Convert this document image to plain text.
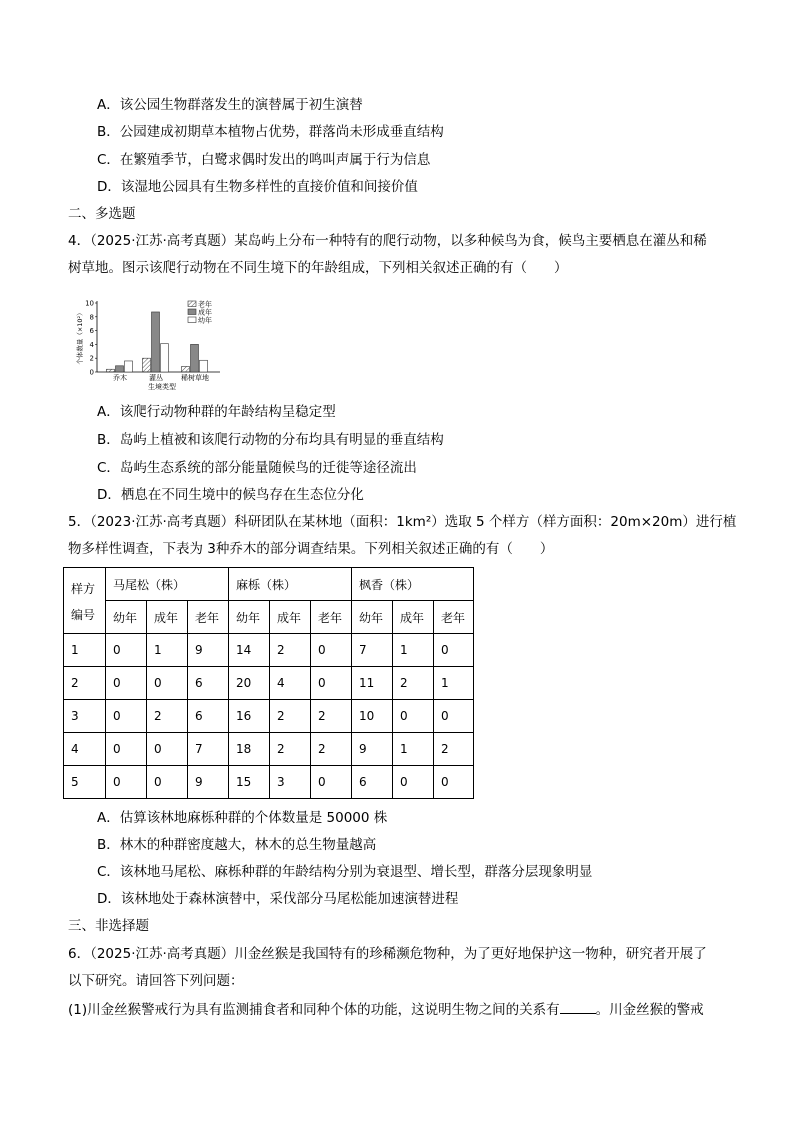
A．该公园生物群落发生的演替属于初生演替
B．公园建成初期草本植物占优势，群落尚未形成垂直结构
C．在繁殖季节，白鹭求偶时发出的鸣叫声属于行为信息
D．该湿地公园具有生物多样性的直接价值和间接价值
二、多选题
4．（2025·江苏·高考真题）某岛屿上分布一种特有的爬行动物，以多种候鸟为食，候鸟主要栖息在灌丛和稀
树草地。图示该爬行动物在不同生境下的年龄组成，下列相关叙述正确的有（　　）
0
2
4
6
8
10
个体数量（×10²）
乔木	灌丛	稀树草地
生境类型
老年
成年
幼年
A．该爬行动物种群的年龄结构呈稳定型
B．岛屿上植被和该爬行动物的分布均具有明显的垂直结构
C．岛屿生态系统的部分能量随候鸟的迁徙等途径流出
D．栖息在不同生境中的候鸟存在生态位分化
5．（2023·江苏·高考真题）科研团队在某林地（面积：1km²）选取 5 个样方（样方面积：20m×20m）进行植
物多样性调查，下表为 3种乔木的部分调查结果。下列相关叙述正确的有（　　）
样方
编号	马尾松（株）			麻栎（株）			枫香（株）		
	幼年	成年	老年	幼年	成年	老年	幼年	成年	老年
1	0	1	9	14	2	0	7	1	0
2	0	0	6	20	4	0	11	2	1
3	0	2	6	16	2	2	10	0	0
4	0	0	7	18	2	2	9	1	2
5	0	0	9	15	3	0	6	0	0
A．估算该林地麻栎种群的个体数量是 50000 株
B．林木的种群密度越大，林木的总生物量越高
C．该林地马尾松、麻栎种群的年龄结构分别为衰退型、增长型，群落分层现象明显
D．该林地处于森林演替中，采伐部分马尾松能加速演替进程
三、非选择题
6．（2025·江苏·高考真题）川金丝猴是我国特有的珍稀濒危物种，为了更好地保护这一物种，研究者开展了
以下研究。请回答下列问题：
(1)川金丝猴警戒行为具有监测捕食者和同种个体的功能，这说明生物之间的关系有	。川金丝猴的警戒
